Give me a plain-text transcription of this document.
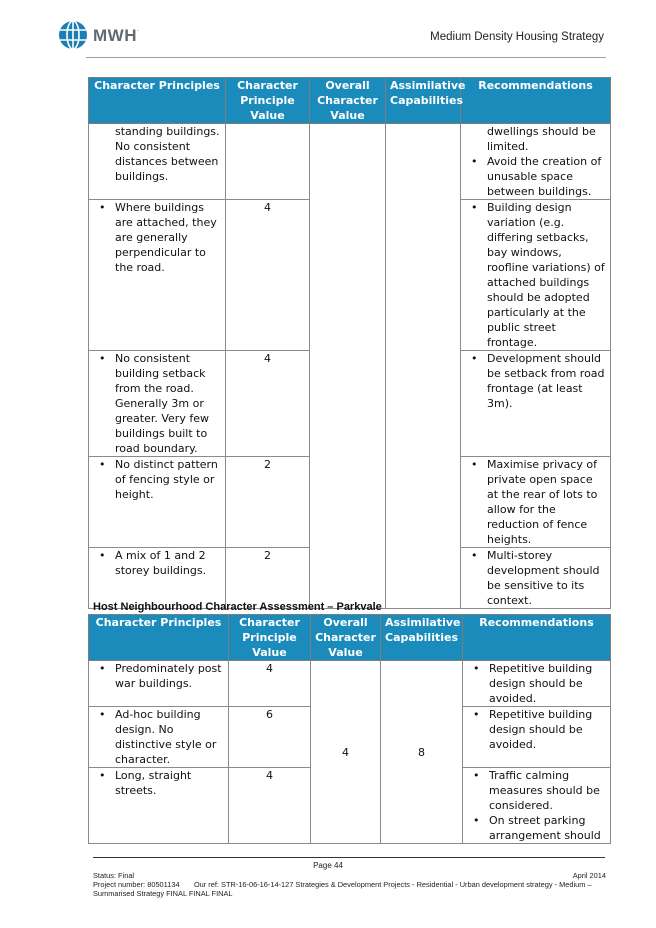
MWH.
Medium Density Housing Strategy
Character Principles	Character Principle Value	Overall Character Value	Assimilative Capabilities	Recommendations

standing buildings. No consistent distances between buildings.				dwellings should be limited.
• Avoid the creation of unusable space between buildings.

• Where buildings are attached, they are generally perpendicular to the road.	4			• Building design variation (e.g. differing setbacks, bay windows, roofline variations) of attached buildings should be adopted particularly at the public street frontage.

• No consistent building setback from the road. Generally 3m or greater. Very few buildings built to road boundary.	4			• Development should be setback from road frontage (at least 3m).

• No distinct pattern of fencing style or height.	2			• Maximise privacy of private open space at the rear of lots to allow for the reduction of fence heights.

• A mix of 1 and 2 storey buildings.	2			• Multi-storey development should be sensitive to its context.
Host Neighbourhood Character Assessment – Parkvale
Character Principles	Character Principle Value	Overall Character Value	Assimilative Capabilities	Recommendations

• Predominately post war buildings.	4	4	8	• Repetitive building design should be avoided.

• Ad-hoc building design. No distinctive style or character.	6			• Repetitive building design should be avoided.

• Long, straight streets.	4			• Traffic calming measures should be considered.
• On street parking arrangement should
Page 44
Status: Final	April 2014
Project number: 80501134 Our ref: STR-16-06-16-14-127 Strategies & Development Projects - Residential - Urban development strategy - Medium – Summarised Strategy FINAL FINAL FINAL
